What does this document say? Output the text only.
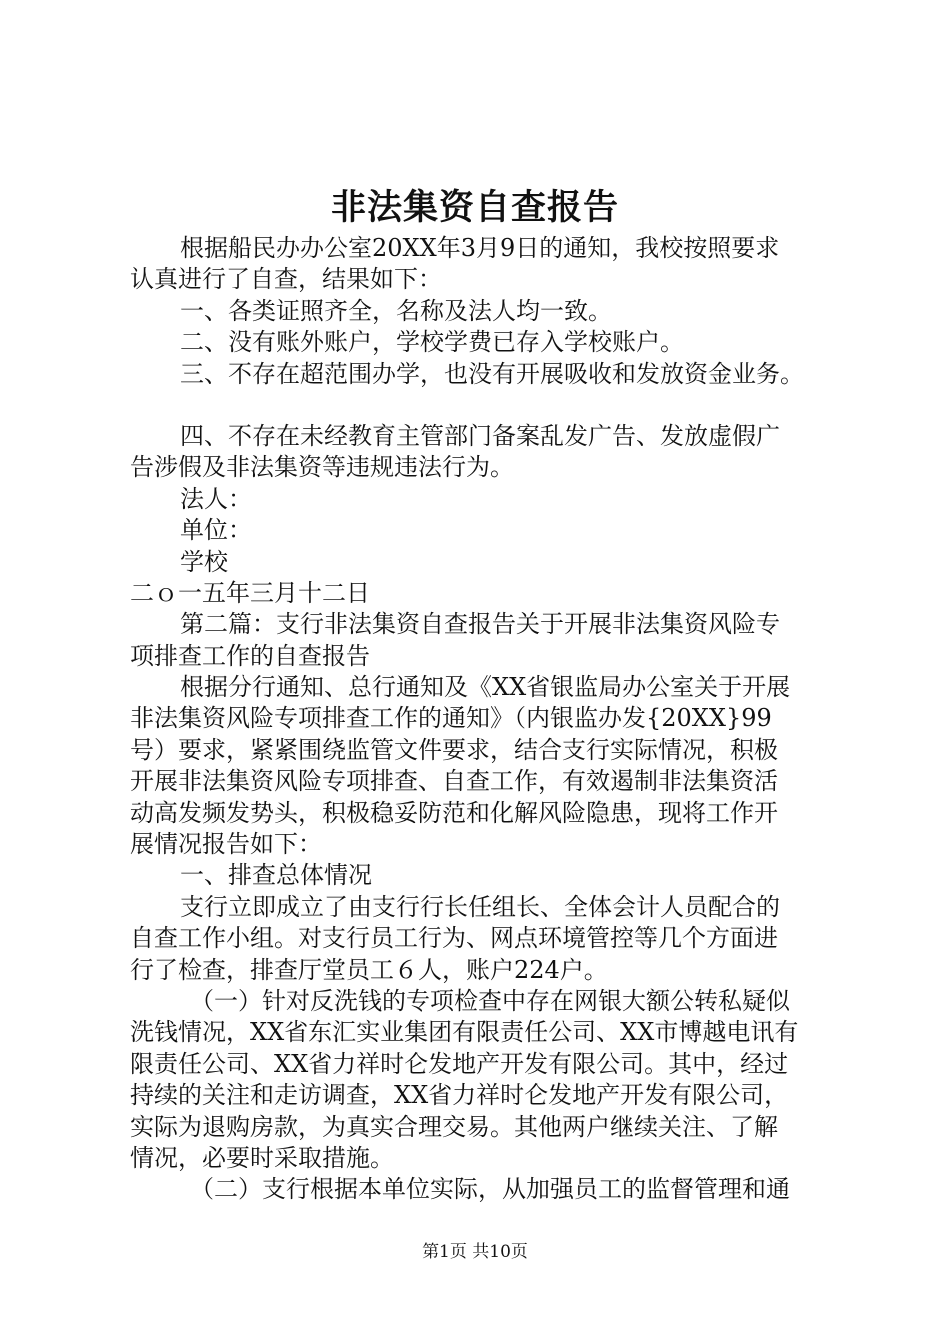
非法集资自查报告
根据船民办办公室20XX年3月9日的通知，我校按照要求
认真进行了自查，结果如下：
一、各类证照齐全，名称及法人均一致。
二、没有账外账户，学校学费已存入学校账户。
三、不存在超范围办学，也没有开展吸收和发放资金业务。
四、不存在未经教育主管部门备案乱发广告、发放虚假广
告涉假及非法集资等违规违法行为。
法人：
单位：
学校
二ｏ一五年三月十二日
第二篇：支行非法集资自查报告关于开展非法集资风险专
项排查工作的自查报告
根据分行通知、总行通知及《XX省银监局办公室关于开展
非法集资风险专项排查工作的通知》（内银监办发{20XX}99
号）要求，紧紧围绕监管文件要求，结合支行实际情况，积极
开展非法集资风险专项排查、自查工作，有效遏制非法集资活
动高发频发势头，积极稳妥防范和化解风险隐患，现将工作开
展情况报告如下：
一、排查总体情况
支行立即成立了由支行行长任组长、全体会计人员配合的
自查工作小组。对支行员工行为、网点环境管控等几个方面进
行了检查，排查厅堂员工６人，账户224户。
（一）针对反洗钱的专项检查中存在网银大额公转私疑似
洗钱情况，XX省东汇实业集团有限责任公司、XX市博越电讯有
限责任公司、XX省力祥时仑发地产开发有限公司。其中，经过
持续的关注和走访调查，XX省力祥时仑发地产开发有限公司，
实际为退购房款，为真实合理交易。其他两户继续关注、了解
情况，必要时采取措施。
（二）支行根据本单位实际，从加强员工的监督管理和通
第1页 共10页
